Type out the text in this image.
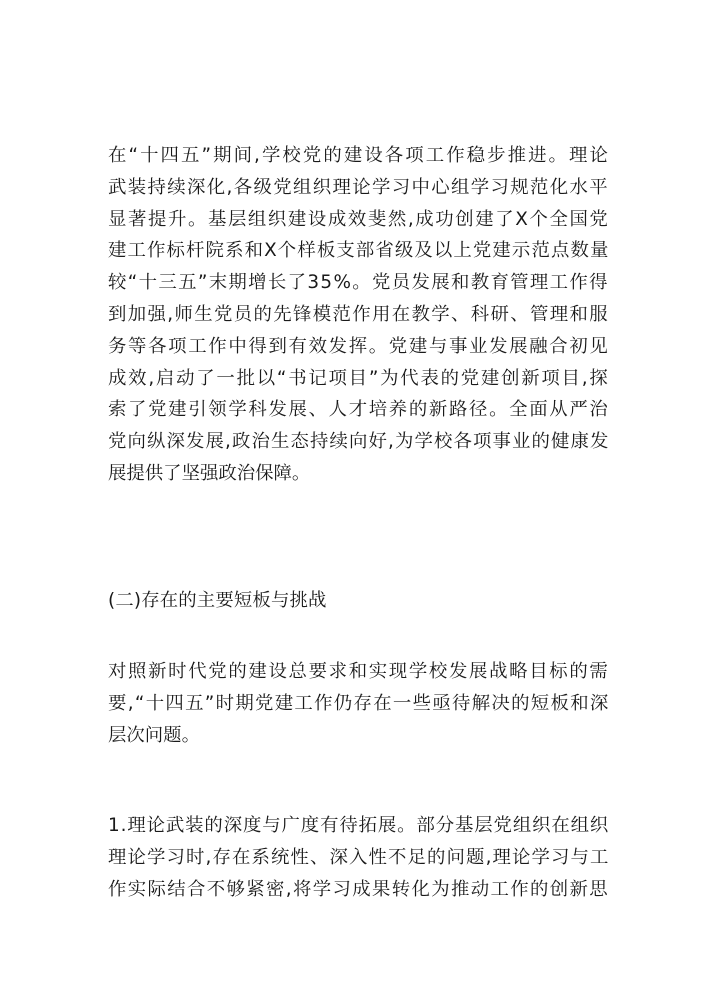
在“十四五”期间,学校党的建设各项工作稳步推进。理论
武装持续深化,各级党组织理论学习中心组学习规范化水平
显著提升。基层组织建设成效斐然,成功创建了X个全国党
建工作标杆院系和X个样板支部省级及以上党建示范点数量
较“十三五”末期增长了35%。党员发展和教育管理工作得
到加强,师生党员的先锋模范作用在教学、科研、管理和服
务等各项工作中得到有效发挥。党建与事业发展融合初见
成效,启动了一批以“书记项目”为代表的党建创新项目,探
索了党建引领学科发展、人才培养的新路径。全面从严治
党向纵深发展,政治生态持续向好,为学校各项事业的健康发
展提供了坚强政治保障。

(二)存在的主要短板与挑战

对照新时代党的建设总要求和实现学校发展战略目标的需
要,“十四五”时期党建工作仍存在一些亟待解决的短板和深
层次问题。
1.理论武装的深度与广度有待拓展。部分基层党组织在组织
理论学习时,存在系统性、深入性不足的问题,理论学习与工
作实际结合不够紧密,将学习成果转化为推动工作的创新思
